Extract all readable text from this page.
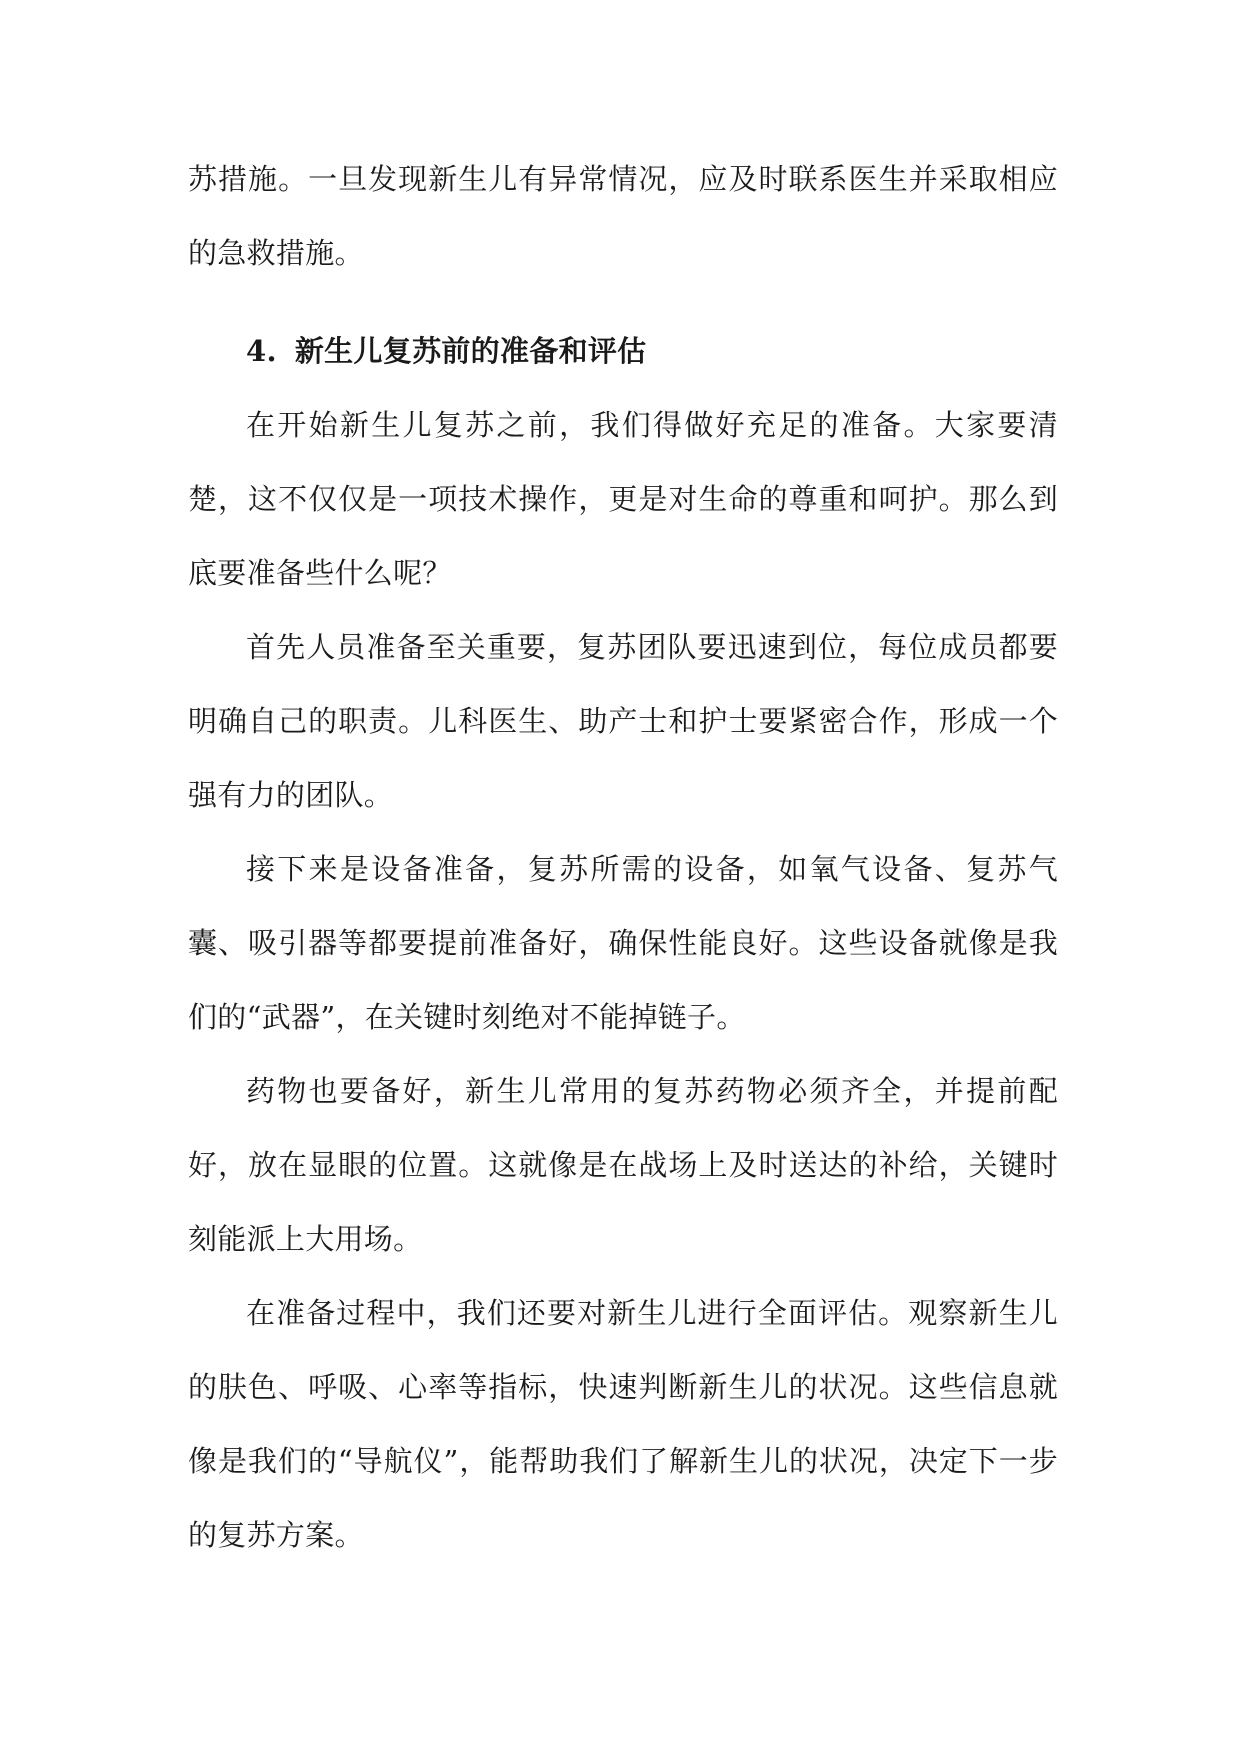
苏措施。一旦发现新生儿有异常情况，应及时联系医生并采取相应的急救措施。

4. 新生儿复苏前的准备和评估

在开始新生儿复苏之前，我们得做好充足的准备。大家要清楚，这不仅仅是一项技术操作，更是对生命的尊重和呵护。那么到底要准备些什么呢？

首先人员准备至关重要，复苏团队要迅速到位，每位成员都要明确自己的职责。儿科医生、助产士和护士要紧密合作，形成一个强有力的团队。

接下来是设备准备，复苏所需的设备，如氧气设备、复苏气囊、吸引器等都要提前准备好，确保性能良好。这些设备就像是我们的“武器”，在关键时刻绝对不能掉链子。

药物也要备好，新生儿常用的复苏药物必须齐全，并提前配好，放在显眼的位置。这就像是在战场上及时送达的补给，关键时刻能派上大用场。

在准备过程中，我们还要对新生儿进行全面评估。观察新生儿的肤色、呼吸、心率等指标，快速判断新生儿的状况。这些信息就像是我们的“导航仪”，能帮助我们了解新生儿的状况，决定下一步的复苏方案。
